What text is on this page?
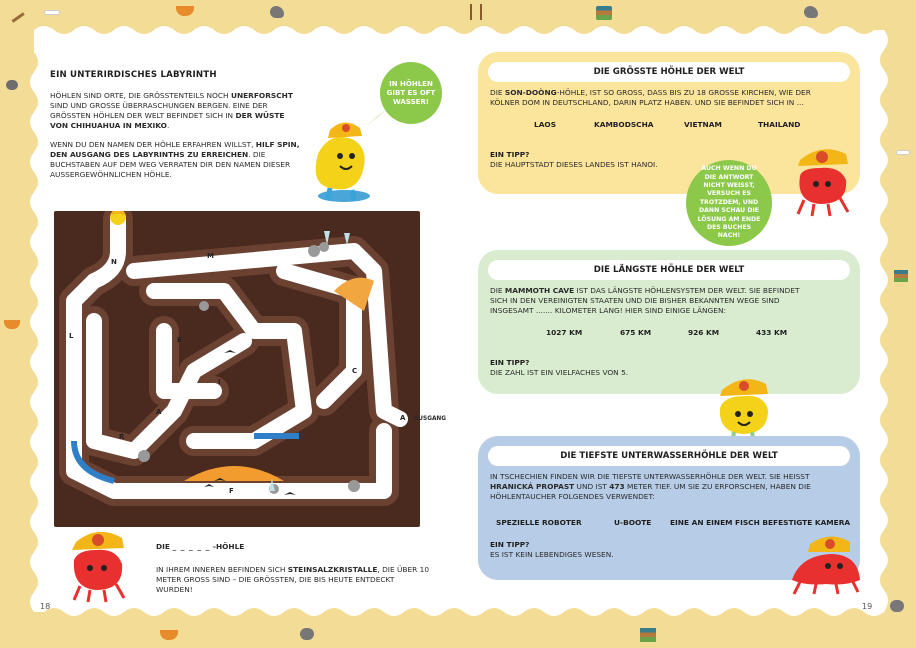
EIN UNTERIRDISCHES LABYRINTH
HÖHLEN SIND ORTE, DIE GRÖSSTENTEILS NOCH UNERFORSCHT SIND UND GROSSE ÜBERRASCHUNGEN BERGEN. EINE DER GRÖSSTEN HÖHLEN DER WELT BEFINDET SICH IN DER WÜSTE VON CHIHUAHUA IN MEXIKO.
WENN DU DEN NAMEN DER HÖHLE ERFAHREN WILLST, HILF SPIN, DEN AUSGANG DES LABYRINTHS ZU ERREICHEN. DIE BUCHSTABEN AUF DEM WEG VERRATEN DIR DEN NAMEN DIESER AUSSERGEWÖHNLICHEN HÖHLE.
IN HÖHLEN GIBT ES OFT WASSER!
N
M
L	E
I
C
A
R
F
A AUSGANG
DIE _ _ _ _ _ -HÖHLE
IN IHREM INNEREN BEFINDEN SICH STEINSALZKRISTALLE, DIE ÜBER 10 METER GROSS SIND – DIE GRÖSSTEN, DIE BIS HEUTE ENTDECKT WURDEN!
18
DIE GRÖSSTE HÖHLE DER WELT
DIE SON-DOÒNG-HÖHLE, IST SO GROSS, DASS BIS ZU 18 GROSSE KIRCHEN, WIE DER KÖLNER DOM IN DEUTSCHLAND, DARIN PLATZ HABEN. UND SIE BEFINDET SICH IN ...
LAOS	KAMBODSCHA	VIETNAM	THAILAND
EIN TIPP?
DIE HAUPTSTADT DIESES LANDES IST HANOI.	AUCH WENN DU DIE ANTWORT NICHT WEISST, VERSUCH ES TROTZDEM, UND DANN SCHAU DIE LÖSUNG AM ENDE DES BUCHES NACH!
DIE LÄNGSTE HÖHLE DER WELT
DIE MAMMOTH CAVE IST DAS LÄNGSTE HÖHLENSYSTEM DER WELT. SIE BEFINDET SICH IN DEN VEREINIGTEN STAATEN UND DIE BISHER BEKANNTEN WEGE SIND INSGESAMT ....... KILOMETER LANG! HIER SIND EINIGE LÄNGEN:
1027 KM	675 KM	926 KM	433 KM
EIN TIPP?
DIE ZAHL IST EIN VIELFACHES VON 5.
DIE TIEFSTE UNTERWASSERHÖHLE DER WELT
IN TSCHECHIEN FINDEN WIR DIE TIEFSTE UNTERWASSERHÖHLE DER WELT. SIE HEISST HRANICKÁ PROPAST UND IST 473 METER TIEF. UM SIE ZU ERFORSCHEN, HABEN DIE HÖHLENTAUCHER FOLGENDES VERWENDET:
SPEZIELLE ROBOTER	U-BOOTE	EINE AN EINEM FISCH BEFESTIGTE KAMERA
EIN TIPP?
ES IST KEIN LEBENDIGES WESEN.
19
